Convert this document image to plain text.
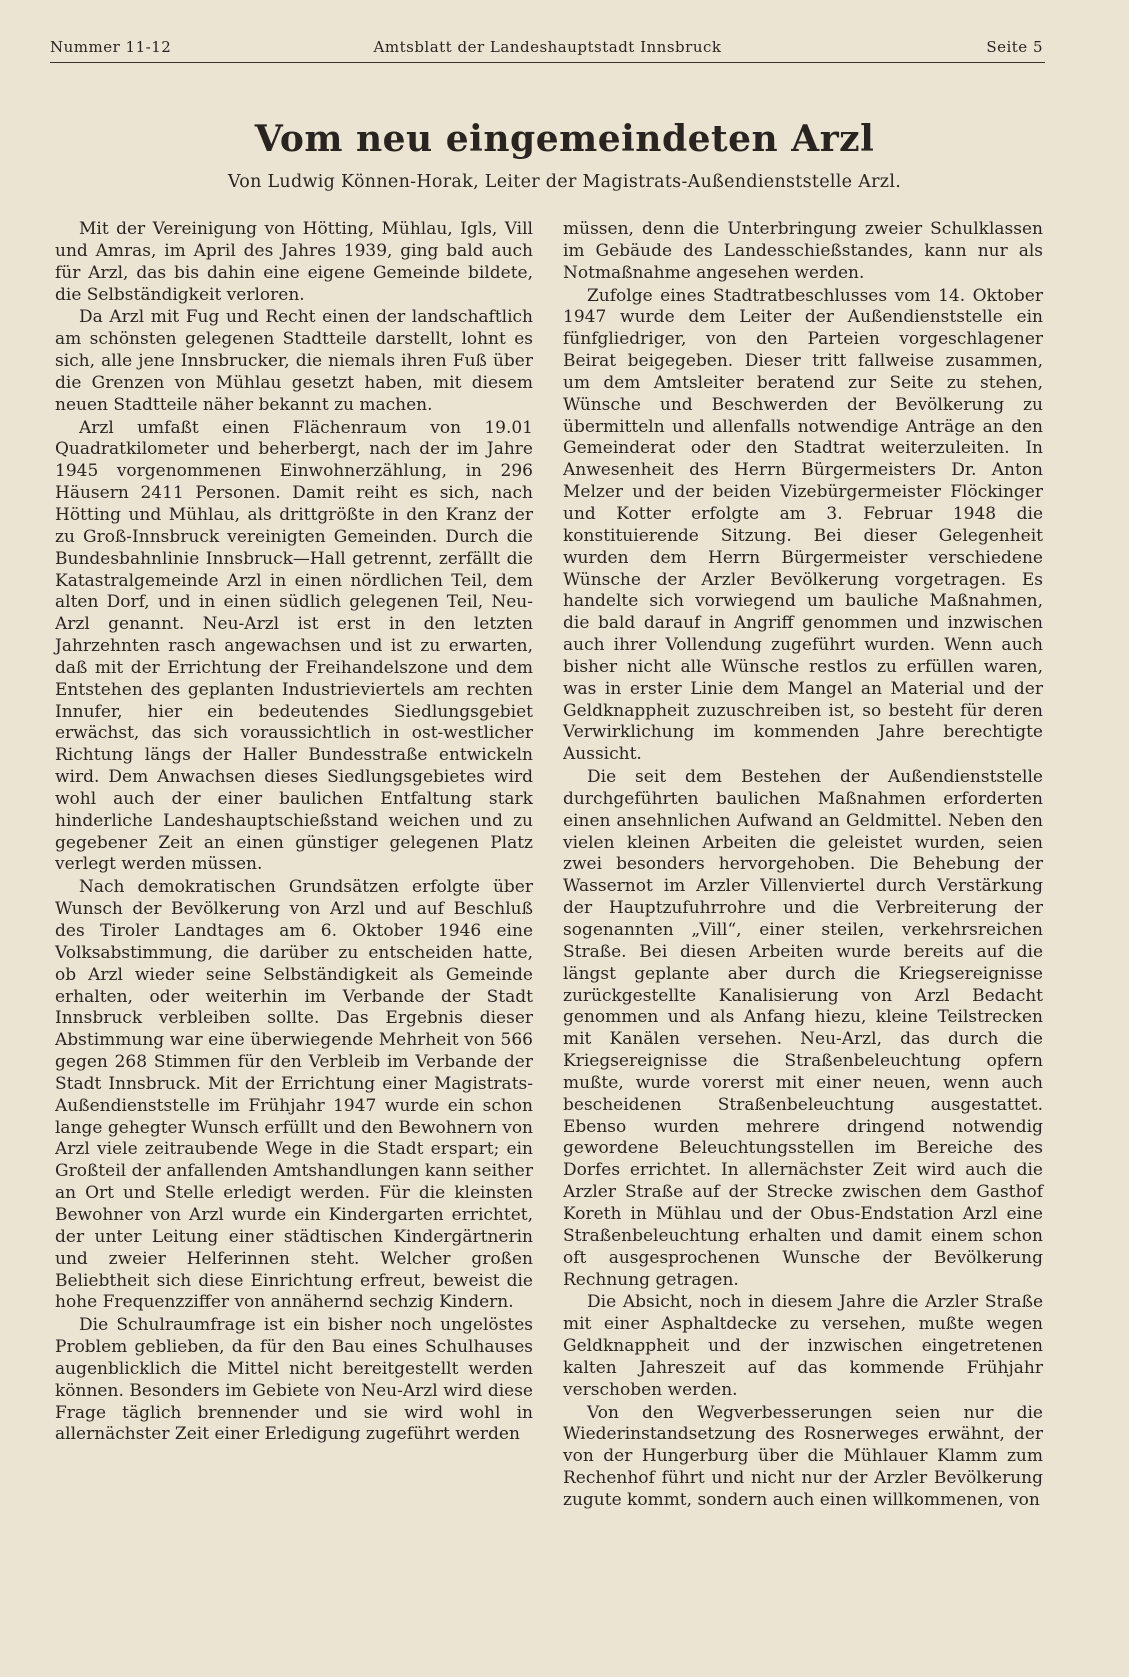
Nummer 11-12	Amtsblatt der Landeshauptstadt Innsbruck	Seite 5
Vom neu eingemeindeten Arzl
Von Ludwig Können-Horak, Leiter der Magistrats-Außendienststelle Arzl.

Mit der Vereinigung von Hötting, Mühlau, Igls, Vill und Amras, im April des Jahres 1939, ging bald auch für Arzl, das bis dahin eine eigene Gemeinde bildete, die Selbständigkeit verloren.

Da Arzl mit Fug und Recht einen der landschaftlich am schönsten gelegenen Stadtteile darstellt, lohnt es sich, alle jene Innsbrucker, die niemals ihren Fuß über die Grenzen von Mühlau gesetzt haben, mit diesem neuen Stadtteile näher bekannt zu machen.

Arzl umfaßt einen Flächenraum von 19.01 Quadratkilometer und beherbergt, nach der im Jahre 1945 vorgenommenen Einwohnerzählung, in 296 Häusern 2411 Personen. Damit reiht es sich, nach Hötting und Mühlau, als drittgrößte in den Kranz der zu Groß-Innsbruck vereinigten Gemeinden. Durch die Bundesbahnlinie Innsbruck—Hall getrennt, zerfällt die Katastralgemeinde Arzl in einen nördlichen Teil, dem alten Dorf, und in einen südlich gelegenen Teil, Neu-Arzl genannt. Neu-Arzl ist erst in den letzten Jahrzehnten rasch angewachsen und ist zu erwarten, daß mit der Errichtung der Freihandelszone und dem Entstehen des geplanten Industrieviertels am rechten Innufer, hier ein bedeutendes Siedlungsgebiet erwächst, das sich voraussichtlich in ost-westlicher Richtung längs der Haller Bundesstraße entwickeln wird. Dem Anwachsen dieses Siedlungsgebietes wird wohl auch der einer baulichen Entfaltung stark hinderliche Landeshauptschießstand weichen und zu gegebener Zeit an einen günstiger gelegenen Platz verlegt werden müssen.

Nach demokratischen Grundsätzen erfolgte über Wunsch der Bevölkerung von Arzl und auf Beschluß des Tiroler Landtages am 6. Oktober 1946 eine Volksabstimmung, die darüber zu entscheiden hatte, ob Arzl wieder seine Selbständigkeit als Gemeinde erhalten, oder weiterhin im Verbande der Stadt Innsbruck verbleiben sollte. Das Ergebnis dieser Abstimmung war eine überwiegende Mehrheit von 566 gegen 268 Stimmen für den Verbleib im Verbande der Stadt Innsbruck. Mit der Errichtung einer Magistrats-Außendienststelle im Frühjahr 1947 wurde ein schon lange gehegter Wunsch erfüllt und den Bewohnern von Arzl viele zeitraubende Wege in die Stadt erspart; ein Großteil der anfallenden Amtshandlungen kann seither an Ort und Stelle erledigt werden. Für die kleinsten Bewohner von Arzl wurde ein Kindergarten errichtet, der unter Leitung einer städtischen Kindergärtnerin und zweier Helferinnen steht. Welcher großen Beliebtheit sich diese Einrichtung erfreut, beweist die hohe Frequenzziffer von annähernd sechzig Kindern.

Die Schulraumfrage ist ein bisher noch ungelöstes Problem geblieben, da für den Bau eines Schulhauses augenblicklich die Mittel nicht bereitgestellt werden können. Besonders im Gebiete von Neu-Arzl wird diese Frage täglich brennender und sie wird wohl in allernächster Zeit einer Erledigung zugeführt werden

müssen, denn die Unterbringung zweier Schulklassen im Gebäude des Landesschießstandes, kann nur als Notmaßnahme angesehen werden.

Zufolge eines Stadtratbeschlusses vom 14. Oktober 1947 wurde dem Leiter der Außendienststelle ein fünfgliedriger, von den Parteien vorgeschlagener Beirat beigegeben. Dieser tritt fallweise zusammen, um dem Amtsleiter beratend zur Seite zu stehen, Wünsche und Beschwerden der Bevölkerung zu übermitteln und allenfalls notwendige Anträge an den Gemeinderat oder den Stadtrat weiterzuleiten. In Anwesenheit des Herrn Bürgermeisters Dr. Anton Melzer und der beiden Vizebürgermeister Flöckinger und Kotter erfolgte am 3. Februar 1948 die konstituierende Sitzung. Bei dieser Gelegenheit wurden dem Herrn Bürgermeister verschiedene Wünsche der Arzler Bevölkerung vorgetragen. Es handelte sich vorwiegend um bauliche Maßnahmen, die bald darauf in Angriff genommen und inzwischen auch ihrer Vollendung zugeführt wurden. Wenn auch bisher nicht alle Wünsche restlos zu erfüllen waren, was in erster Linie dem Mangel an Material und der Geldknappheit zuzuschreiben ist, so besteht für deren Verwirklichung im kommenden Jahre berechtigte Aussicht.

Die seit dem Bestehen der Außendienststelle durchgeführten baulichen Maßnahmen erforderten einen ansehnlichen Aufwand an Geldmittel. Neben den vielen kleinen Arbeiten die geleistet wurden, seien zwei besonders hervorgehoben. Die Behebung der Wassernot im Arzler Villenviertel durch Verstärkung der Hauptzufuhrrohre und die Verbreiterung der sogenannten „Vill“, einer steilen, verkehrsreichen Straße. Bei diesen Arbeiten wurde bereits auf die längst geplante aber durch die Kriegsereignisse zurückgestellte Kanalisierung von Arzl Bedacht genommen und als Anfang hiezu, kleine Teilstrecken mit Kanälen versehen. Neu-Arzl, das durch die Kriegsereignisse die Straßenbeleuchtung opfern mußte, wurde vorerst mit einer neuen, wenn auch bescheidenen Straßenbeleuchtung ausgestattet. Ebenso wurden mehrere dringend notwendig gewordene Beleuchtungsstellen im Bereiche des Dorfes errichtet. In allernächster Zeit wird auch die Arzler Straße auf der Strecke zwischen dem Gasthof Koreth in Mühlau und der Obus-Endstation Arzl eine Straßenbeleuchtung erhalten und damit einem schon oft ausgesprochenen Wunsche der Bevölkerung Rechnung getragen.

Die Absicht, noch in diesem Jahre die Arzler Straße mit einer Asphaltdecke zu versehen, mußte wegen Geldknappheit und der inzwischen eingetretenen kalten Jahreszeit auf das kommende Frühjahr verschoben werden.

Von den Wegverbesserungen seien nur die Wiederinstandsetzung des Rosnerweges erwähnt, der von der Hungerburg über die Mühlauer Klamm zum Rechenhof führt und nicht nur der Arzler Bevölkerung zugute kommt, sondern auch einen willkommenen, von
